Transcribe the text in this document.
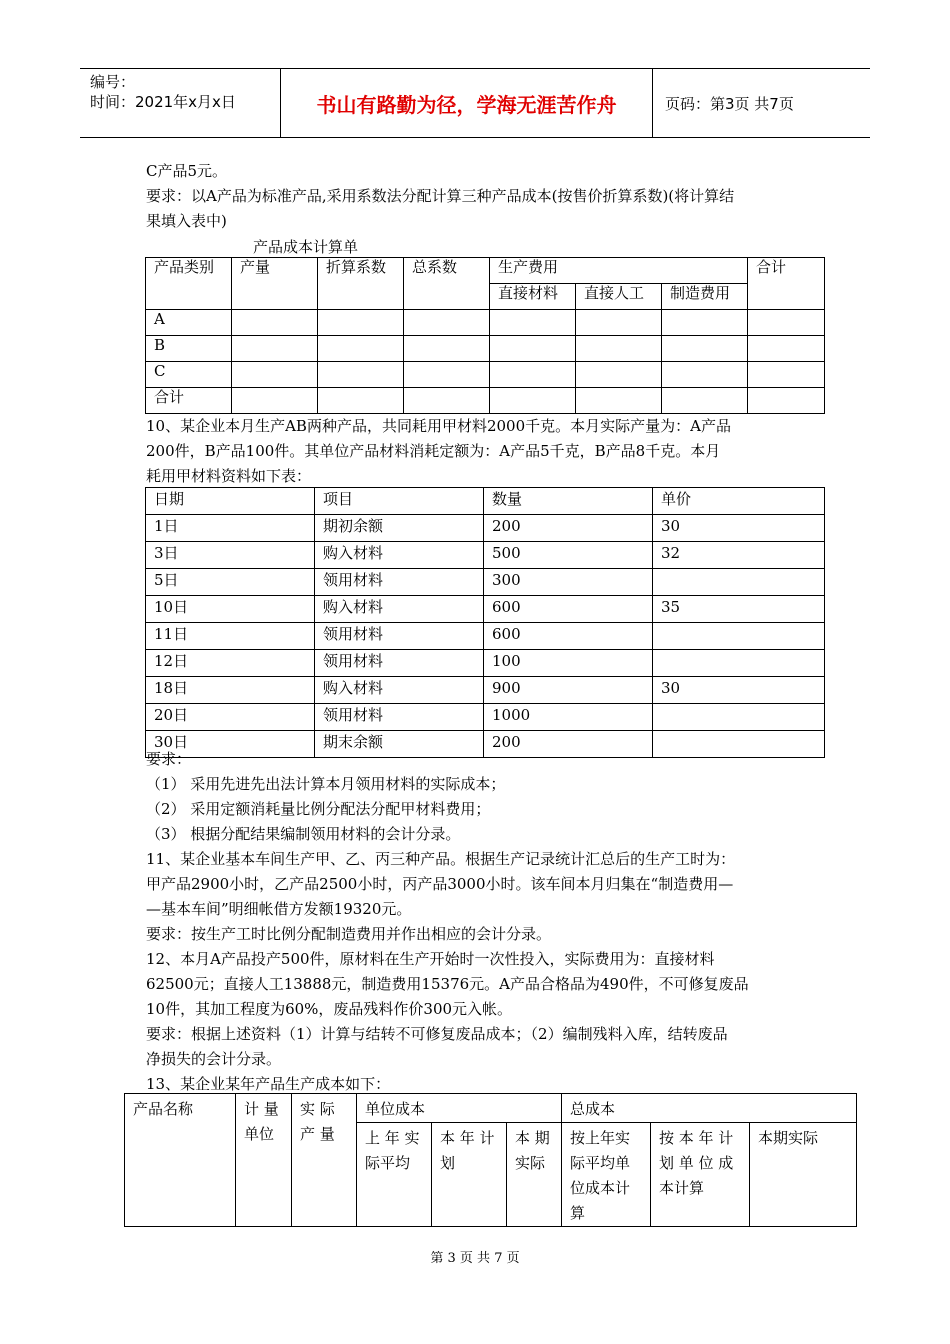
编号：
时间：2021年x月x日	书山有路勤为径，学海无涯苦作舟	页码：第3页 共7页
C产品5元。
要求：以A产品为标准产品,采用系数法分配计算三种产品成本(按售价折算系数)(将计算结
果填入表中)
产品成本计算单
产品类别	产量	折算系数	总系数	生产费用			合计
				直接材料	直接人工	制造费用	
A							
B							
C							
合计							
10、某企业本月生产AB两种产品，共同耗用甲材料2000千克。本月实际产量为：A产品
200件，B产品100件。其单位产品材料消耗定额为：A产品5千克，B产品8千克。本月
耗用甲材料资料如下表：
日期	项目	数量	单价
1日	期初余额	200	30
3日	购入材料	500	32
5日	领用材料	300	
10日	购入材料	600	35
11日	领用材料	600	
12日	领用材料	100	
18日	购入材料	900	30
20日	领用材料	1000	
30日	期末余额	200	
要求：
（1） 采用先进先出法计算本月领用材料的实际成本；
（2） 采用定额消耗量比例分配法分配甲材料费用；
（3） 根据分配结果编制领用材料的会计分录。
11、某企业基本车间生产甲、乙、丙三种产品。根据生产记录统计汇总后的生产工时为：
甲产品2900小时，乙产品2500小时，丙产品3000小时。该车间本月归集在“制造费用—
—基本车间”明细帐借方发额19320元。
要求：按生产工时比例分配制造费用并作出相应的会计分录。
12、本月A产品投产500件，原材料在生产开始时一次性投入，实际费用为：直接材料
62500元；直接人工13888元，制造费用15376元。A产品合格品为490件，不可修复废品
10件，其加工程度为60%，废品残料作价300元入帐。
要求：根据上述资料（1）计算与结转不可修复废品成本；（2）编制残料入库，结转废品
净损失的会计分录。
13、某企业某年产品生产成本如下：
产品名称	计 量 单位	实 际 产 量	单位成本			总成本		
			上 年 实 际平均	本 年 计 划	本 期 实际	按上年实际平均单位成本计算	按 本 年 计 划 单 位 成 本计算	本期实际
第 3 页 共 7 页
